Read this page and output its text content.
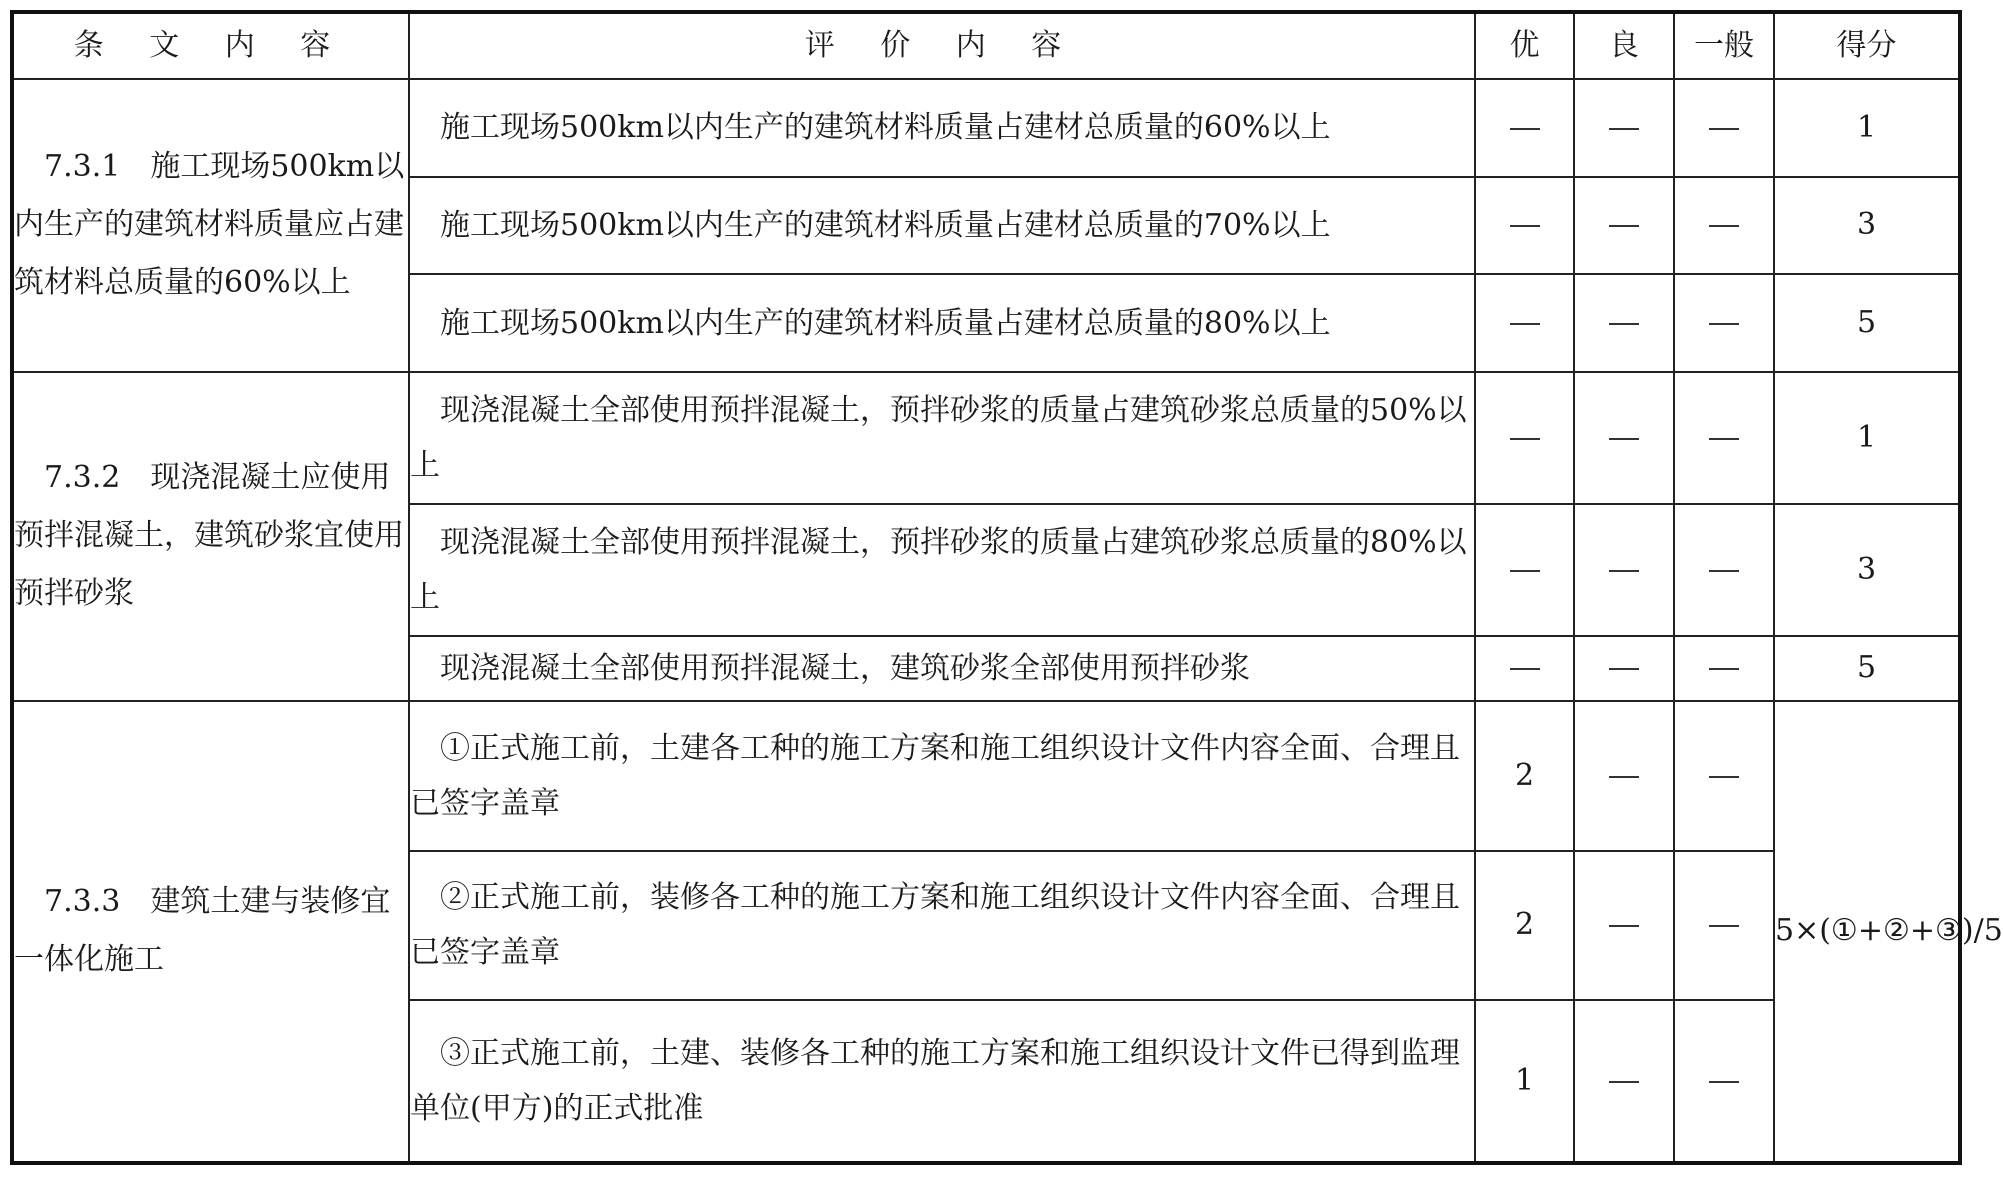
条 文 内 容	评 价 内 容	优	良	一般	得分
7.3.1　施工现场500km以内生产的建筑材料质量应占建筑材料总质量的60%以上	施工现场500km以内生产的建筑材料质量占建材总质量的60%以上				1
	施工现场500km以内生产的建筑材料质量占建材总质量的70%以上				3
	施工现场500km以内生产的建筑材料质量占建材总质量的80%以上				5
7.3.2　现浇混凝土应使用预拌混凝土，建筑砂浆宜使用预拌砂浆	现浇混凝土全部使用预拌混凝土，预拌砂浆的质量占建筑砂浆总质量的50%以上				1
	现浇混凝土全部使用预拌混凝土，预拌砂浆的质量占建筑砂浆总质量的80%以上				3
	现浇混凝土全部使用预拌混凝土，建筑砂浆全部使用预拌砂浆				5
7.3.3　建筑土建与装修宜一体化施工	①正式施工前，土建各工种的施工方案和施工组织设计文件内容全面、合理且已签字盖章	2			5×(①+②+③)/5
	②正式施工前，装修各工种的施工方案和施工组织设计文件内容全面、合理且已签字盖章	2			
	③正式施工前，土建、装修各工种的施工方案和施工组织设计文件已得到监理单位(甲方)的正式批准	1			
